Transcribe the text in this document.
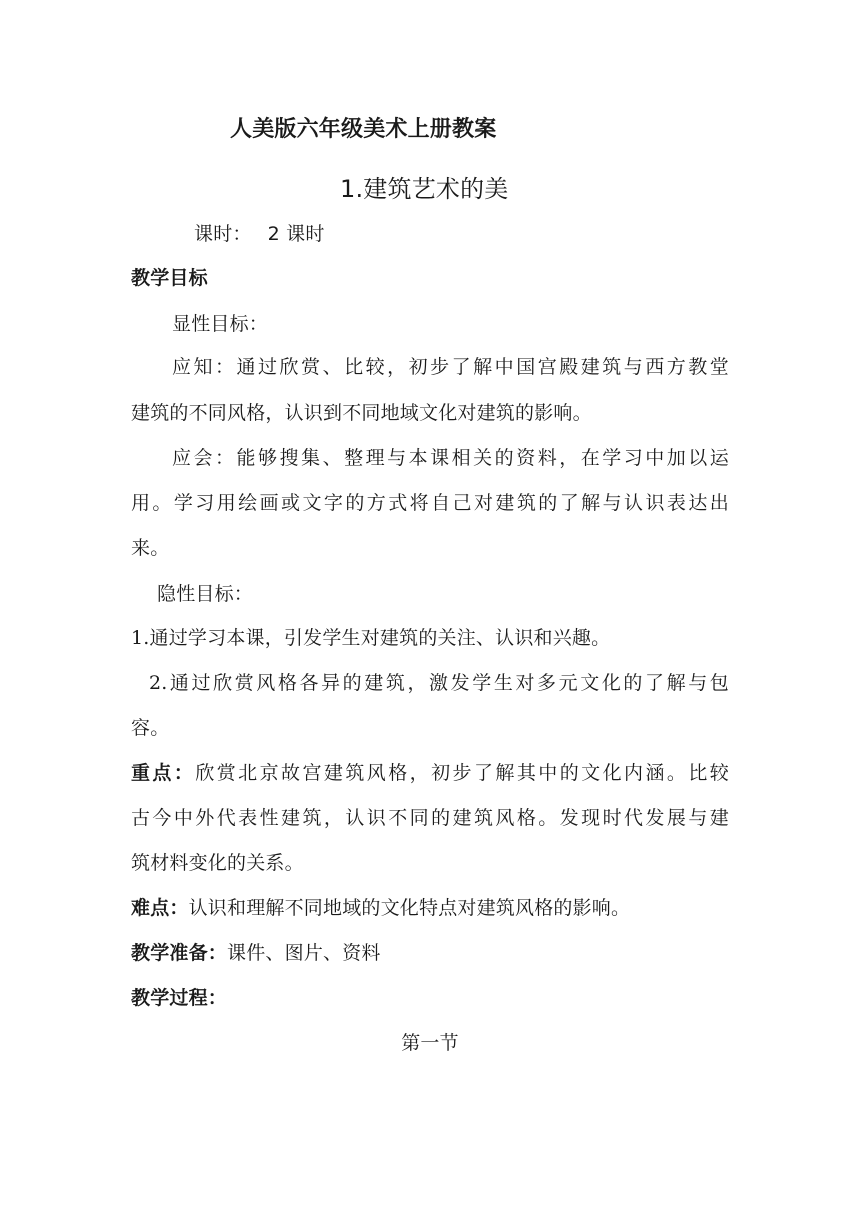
人美版六年级美术上册教案
1.建筑艺术的美
课时： 2 课时
教学目标
显性目标：
应知：通过欣赏、比较，初步了解中国宫殿建筑与西方教堂
建筑的不同风格，认识到不同地域文化对建筑的影响。
应会：能够搜集、整理与本课相关的资料，在学习中加以运
用。学习用绘画或文字的方式将自己对建筑的了解与认识表达出
来。
隐性目标：
1.通过学习本课，引发学生对建筑的关注、认识和兴趣。
2.通过欣赏风格各异的建筑，激发学生对多元文化的了解与包
容。
重点：欣赏北京故宫建筑风格，初步了解其中的文化内涵。比较
古今中外代表性建筑，认识不同的建筑风格。发现时代发展与建
筑材料变化的关系。
难点：认识和理解不同地域的文化特点对建筑风格的影响。
教学准备：课件、图片、资料
教学过程：
第一节
